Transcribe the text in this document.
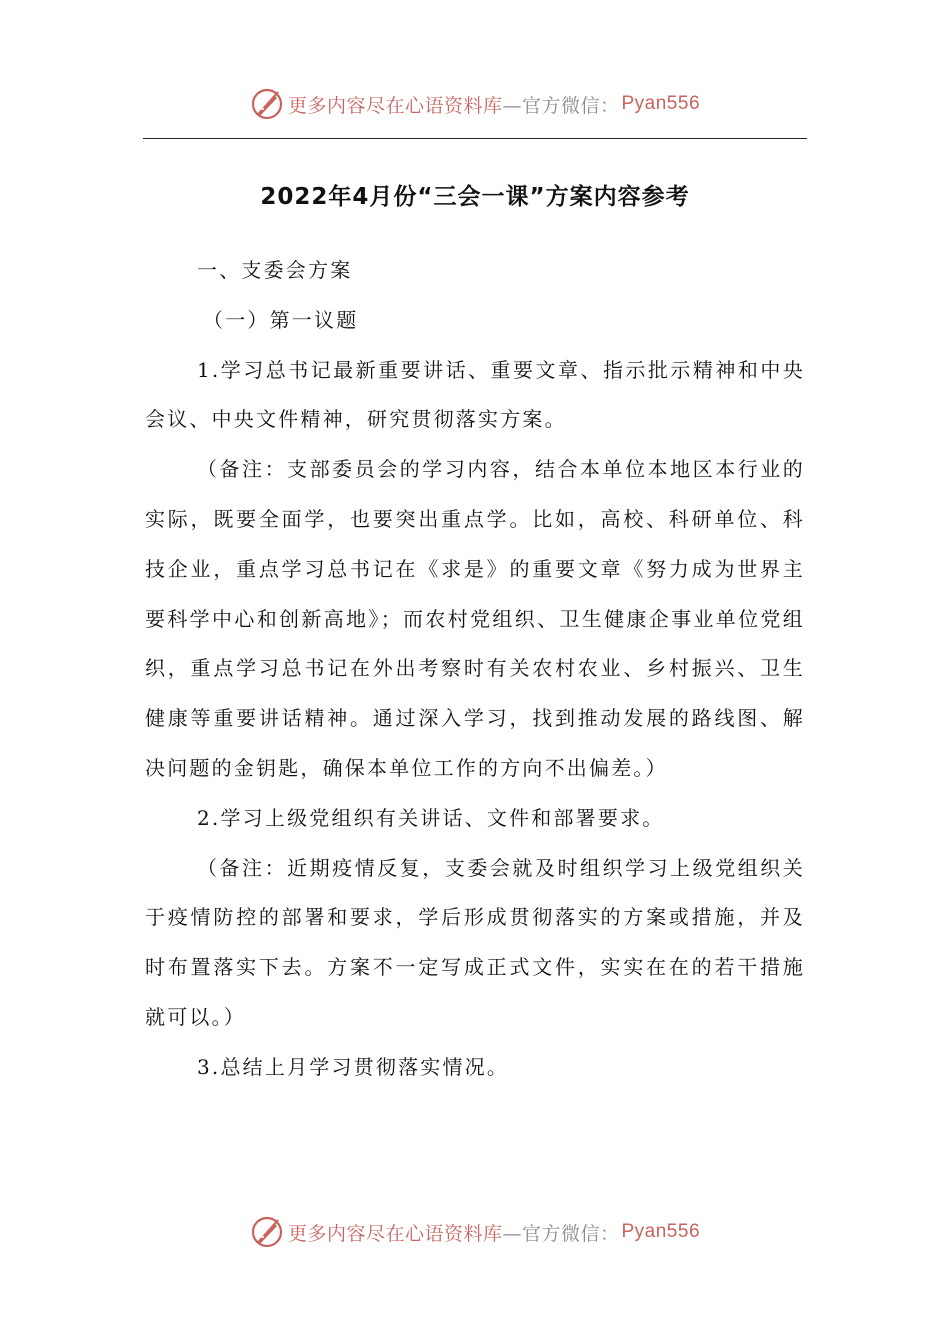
更多内容尽在心语资料库 —官方微信： Pyan556
2022年4月份“三会一课”方案内容参考

一、支委会方案

（一）第一议题

1.学习总书记最新重要讲话、重要文章、指示批示精神和中央会议、中央文件精神，研究贯彻落实方案。

（备注：支部委员会的学习内容，结合本单位本地区本行业的实际，既要全面学，也要突出重点学。比如，高校、科研单位、科技企业，重点学习总书记在《求是》的重要文章《努力成为世界主要科学中心和创新高地》；而农村党组织、卫生健康企事业单位党组织，重点学习总书记在外出考察时有关农村农业、乡村振兴、卫生健康等重要讲话精神。通过深入学习，找到推动发展的路线图、解决问题的金钥匙，确保本单位工作的方向不出偏差。）

2.学习上级党组织有关讲话、文件和部署要求。

（备注：近期疫情反复，支委会就及时组织学习上级党组织关于疫情防控的部署和要求，学后形成贯彻落实的方案或措施，并及时布置落实下去。方案不一定写成正式文件，实实在在的若干措施就可以。）

3.总结上月学习贯彻落实情况。

更多内容尽在心语资料库 —官方微信： Pyan556
